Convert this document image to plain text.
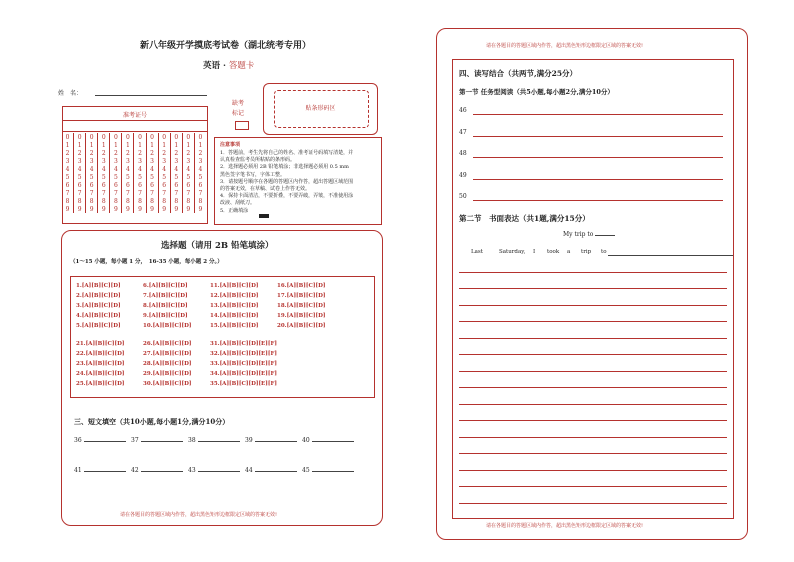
新八年级开学摸底考试卷（湖北统考专用）
英语 · 答题卡
姓　名：
准考证号
0	0	0	0	0	0	0	0	0	0	0	0
1	1	1	1	1	1	1	1	1	1	1	1
2	2	2	2	2	2	2	2	2	2	2	2
3	3	3	3	3	3	3	3	3	3	3	3
4	4	4	4	4	4	4	4	4	4	4	4
5	5	5	5	5	5	5	5	5	5	5	5
6	6	6	6	6	6	6	6	6	6	6	6
7	7	7	7	7	7	7	7	7	7	7	7
8	8	8	8	8	8	8	8	8	8	8	8
9	9	9	9	9	9	9	9	9	9	9	9
缺考
标记
贴条形码区
注意事项
1．答题前，考生先将自己的姓名、准考证号码填写清楚，并
认真检查监考员所粘贴的条形码。
2．选择题必须用 2B 铅笔填涂；非选择题必须用 0.5 mm
黑色签字笔书写，字体工整。
3．请按题号顺序在各题的答题区内作答，超出答题区域范围
的答案无效，在草稿、试卷上作答无效。
4．保持卡面清洁，不要折叠，不要弄破，弄皱，不准使用涂
改液、刮纸刀。
5．正确填涂
选择题（请用 2B 铅笔填涂）
（1～15 小题，每小题 1 分，　16-35 小题，每小题 2 分。）
1.[A][B][C][D]	6.[A][B][C][D]	11.[A][B][C][D]	16.[A][B][C][D]
2.[A][B][C][D]	7.[A][B][C][D]	12.[A][B][C][D]	17.[A][B][C][D]
3.[A][B][C][D]	8.[A][B][C][D]	13.[A][B][C][D]	18.[A][B][C][D]
4.[A][B][C][D]	9.[A][B][C][D]	14.[A][B][C][D]	19.[A][B][C][D]
5.[A][B][C][D]	10.[A][B][C][D]	15.[A][B][C][D]	20.[A][B][C][D]
21.[A][B][C][D]	26.[A][B][C][D]	31.[A][B][C][D][E][F]
22.[A][B][C][D]	27.[A][B][C][D]	32.[A][B][C][D][E][F]
23.[A][B][C][D]	28.[A][B][C][D]	33.[A][B][C][D][E][F]
24.[A][B][C][D]	29.[A][B][C][D]	34.[A][B][C][D][E][F]
25.[A][B][C][D]	30.[A][B][C][D]	35.[A][B][C][D][E][F]
三、短文填空（共10小题,每小题1分,满分10分）
36	37	38	39	40
41	42	43	44	45
请在各题目的答题区域内作答，超出黑色矩形边框限定区域的答案无效!
请在各题目的答题区域内作答，超出黑色矩形边框限定区域的答案无效!
四、读写结合（共两节,满分25分）
第一节 任务型阅读（共5小题,每小题2分,满分10分）
46
47
48
49
50
第二节　书面表达（共1题,满分15分）
My trip to
Last	Saturday, I took a trip to
请在各题目的答题区域内作答，超出黑色矩形边框限定区域的答案无效!
